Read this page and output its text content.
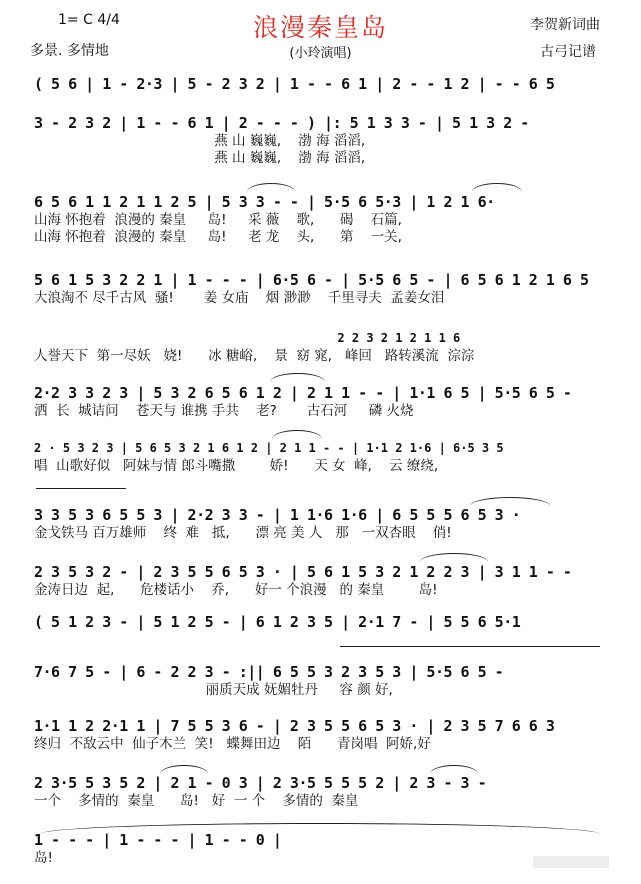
浪漫秦皇岛
1= C 4/4
(小玲演唱)
多景. 多情地
李贺新词曲
古弓记谱
( 5 6 | 1 - 2·3 | 5 - 2 3 2 | 1 - - 6 1 | 2 - - 1 2 | - - 6 5
3 - 2 3 2 | 1 - - 6 1 | 2 - - - ) |: 5 1 3 3 - | 5 1 3 2 -
燕 山 巍巍,    渤 海 滔滔,
燕 山 巍巍,    渤 海 滔滔,
6 5 6 1 1 2 1 1 2 5 | 5 3 3 - - | 5·5 6 5·3 | 1 2 1 6·
山海 怀抱着  浪漫的 秦皇     岛!     采 薇    歌,      碣    石篇,
山海 怀抱着  浪漫的 秦皇     岛!     老 龙    头,      第    一关,
5 6 1 5 3 2 2 1 | 1 - - - | 6·5 6 - | 5·5 6 5 - | 6 5 6 1 2 1 6 5
大浪淘不 尽千古风  骚!       姜 女庙    烟 渺渺    千里寻夫  孟姜女泪
2 2 3 2 1 2 1 1 6
人誉天下  第一尽妖   娆!      冰 糖峪,    景  窈 窕,   峰回   路转溪流  淙淙
2·2 3 3 2 3 | 5 3 2 6 5 6 1 2 | 2 1 1 - - | 1·1 6 5 | 5·5 6 5 -
洒  长  城诘问    苍天与 谁携 手共    老?       古石河     磷 火烧
2 · 5 3 2 3 | 5 6 5 3 2 1 6 1 2 | 2 1 1 - - | 1·1 2 1·6 | 6·5 3 5
唱  山歌好似   阿妹与情 郎斗嘴撒        娇!      天 女  峰,    云 缭绕,
3 3 5 3 6 5 5 3 | 2·2 3 3 - | 1 1·6 1·6 | 6 5 5 5 6 5 3 ·
金戈铁马 百万雄师    终  难   抵,      漂 亮 美 人   那   一双杏眼    俏!
2 3 5 3 2 - | 2 3 5 5 6 5 3 · | 5 6 1 5 3 2 1 2 2 3 | 3 1 1 - -
金涛日边  起,      危楼话小    乔,      好一 个浪漫   的 秦皇        岛!
( 5 1 2 3 - | 5 1 2 5 - | 6 1 2 3 5 | 2·1 7 - | 5 5 6 5·1
7·6 7 5 - | 6 - 2 2 3 - :|| 6 5 5 3 2 3 5 3 | 5·5 6 5 -
丽质天成 妩媚牡丹     容 颜 好,
1·1 1 2 2·1 1 | 7 5 5 3 6 - | 2 3 5 5 6 5 3 · | 2 3 5 7 6 6 3
终归  不敌云中  仙子木兰  笑!   蝶舞田边    陌      青岗唱  阿娇,好
2 3·5 5 3 5 2 | 2 1 - 0 3 | 2 3·5 5 5 5 2 | 2 3 - 3 -
一个    多情的  秦皇      岛!   好  一 个    多情的  秦皇
1 - - - | 1 - - - | 1 - - 0 |
岛!
